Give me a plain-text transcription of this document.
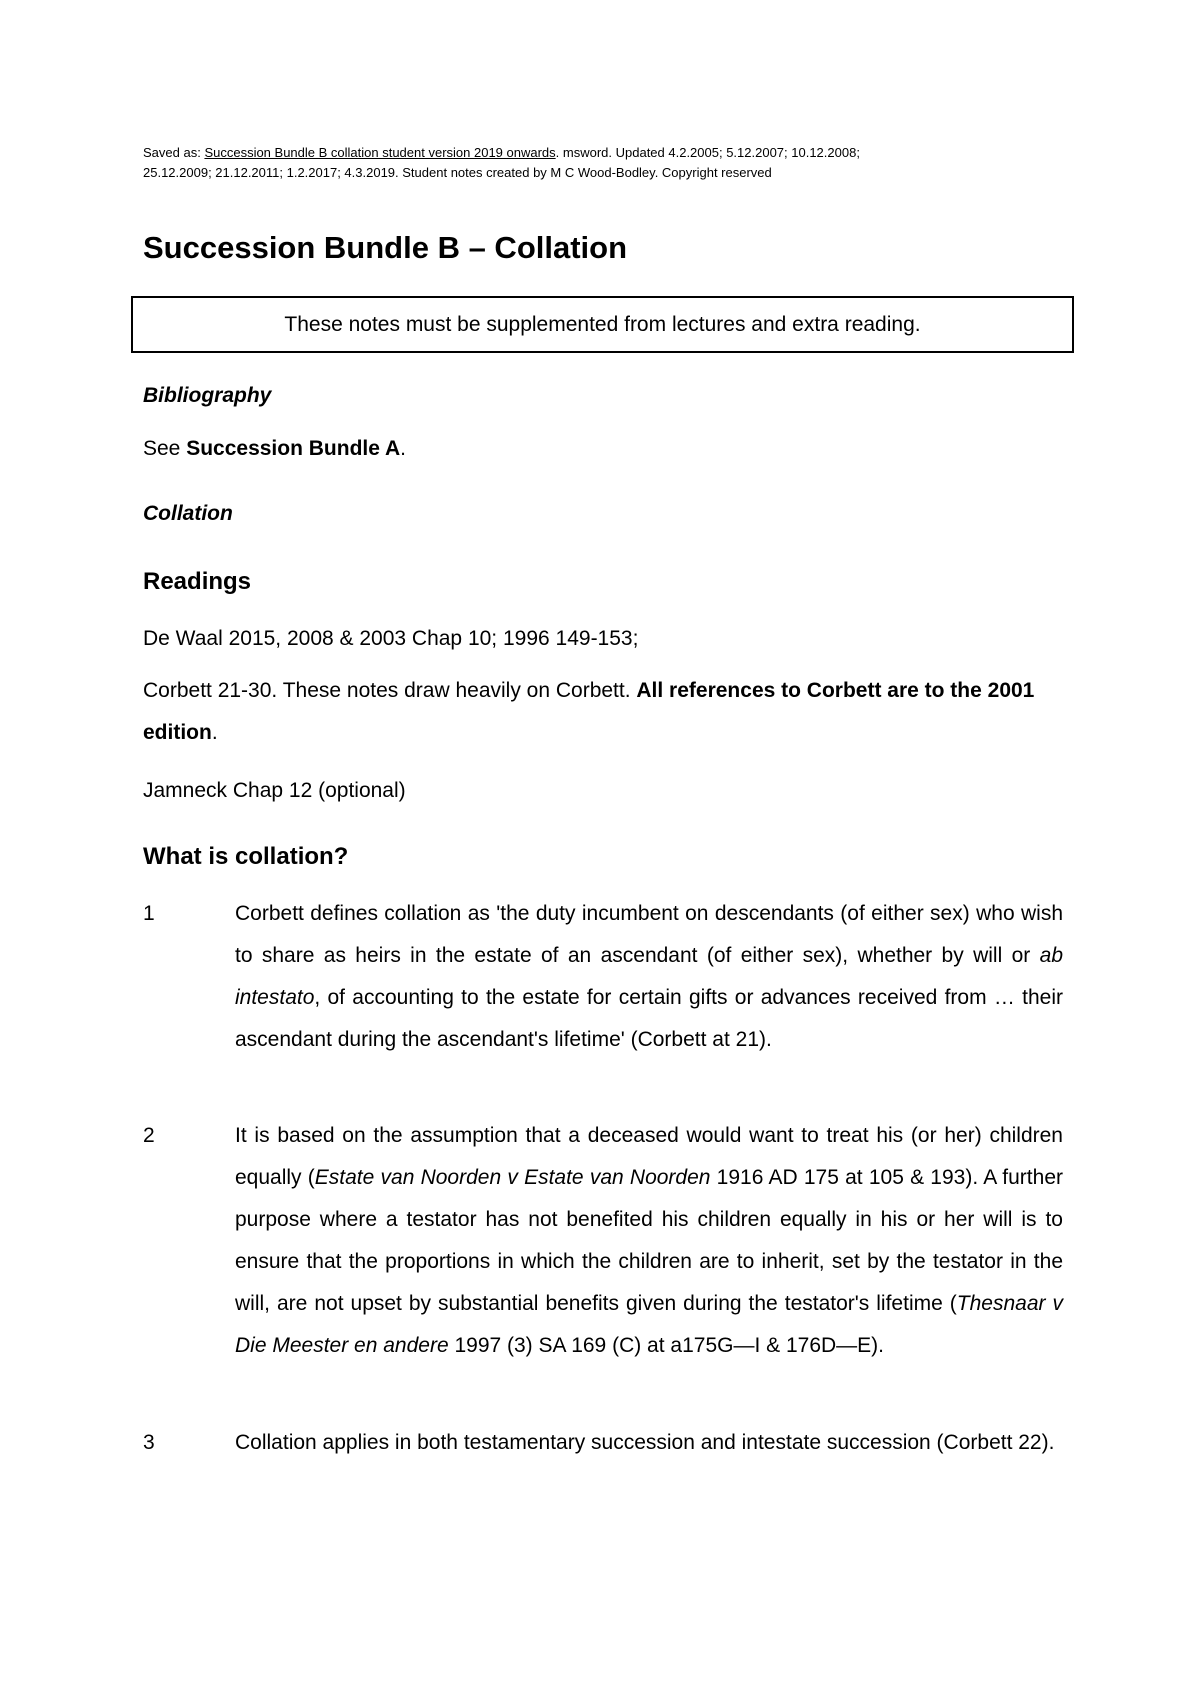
Saved as: Succession Bundle B collation student version 2019 onwards. msword. Updated 4.2.2005; 5.12.2007; 10.12.2008;
25.12.2009; 21.12.2011; 1.2.2017; 4.3.2019. Student notes created by M C Wood-Bodley. Copyright reserved
Succession Bundle B – Collation
These notes must be supplemented from lectures and extra reading.

Bibliography

See Succession Bundle A.

Collation

Readings

De Waal 2015, 2008 & 2003 Chap 10; 1996 149-153;

Corbett 21-30. These notes draw heavily on Corbett. All references to Corbett are to the 2001 edition.

Jamneck Chap 12 (optional)

What is collation?

1	Corbett defines collation as 'the duty incumbent on descendants (of either sex) who wish to share as heirs in the estate of an ascendant (of either sex), whether by will or ab intestato, of accounting to the estate for certain gifts or advances received from … their ascendant during the ascendant's lifetime' (Corbett at 21).
2	It is based on the assumption that a deceased would want to treat his (or her) children equally (Estate van Noorden v Estate van Noorden 1916 AD 175 at 105 & 193). A further purpose where a testator has not benefited his children equally in his or her will is to ensure that the proportions in which the children are to inherit, set by the testator in the will, are not upset by substantial benefits given during the testator's lifetime (Thesnaar v Die Meester en andere 1997 (3) SA 169 (C) at a175G—I & 176D—E).
3	Collation applies in both testamentary succession and intestate succession (Corbett 22).
